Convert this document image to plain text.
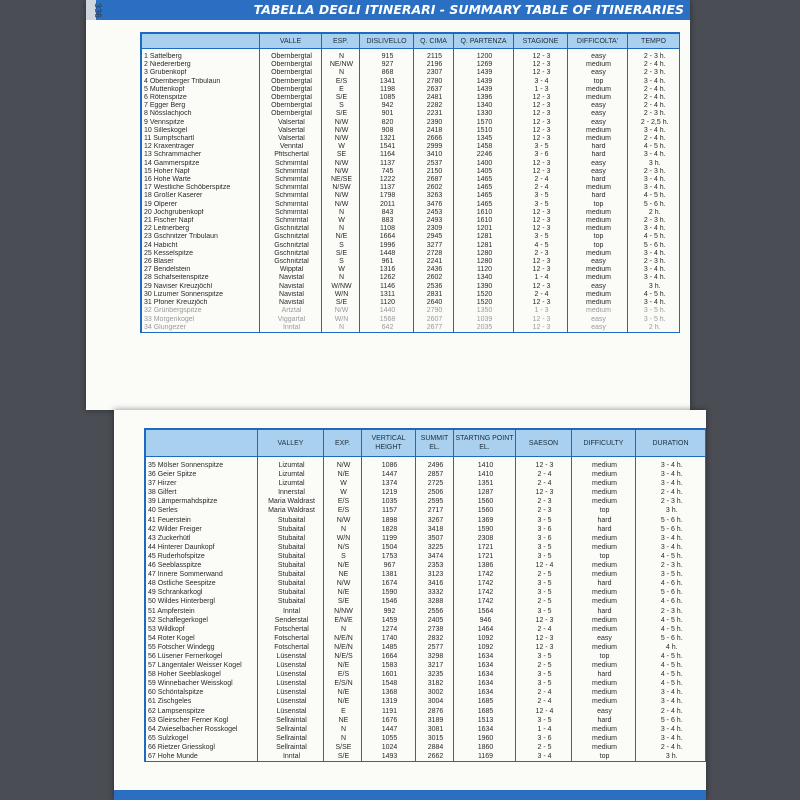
TABELLA DEGLI ITINERARI - SUMMARY TABLE OF ITINERARIES
	VALLE	ESP.	DISLIVELLO	Q. CIMA	Q. PARTENZA	STAGIONE	DIFFICOLTA'	TEMPO
1 Sattelberg	Obernbergtal	N	915	2115	1200	12 - 3	easy	2 - 3 h.
2 Niedererberg	Obernbergtal	NE/NW	927	2196	1269	12 - 3	medium	2 - 4 h.
3 Grubenkopf	Obernbergtal	N	868	2307	1439	12 - 3	easy	2 - 3 h.
4 Obernberger Tribulaun	Obernbergtal	E/S	1341	2780	1439	3 - 4	top	3 - 4 h.
5 Muttenkopf	Obernbergtal	E	1198	2637	1439	1 - 3	medium	2 - 4 h.
6 Rötenspitze	Obernbergtal	S/E	1085	2481	1396	12 - 3	medium	2 - 4 h.
7 Egger Berg	Obernbergtal	S	942	2282	1340	12 - 3	easy	2 - 4 h.
8 Nösslachjoch	Obernbergtal	S/E	901	2231	1330	12 - 3	easy	2 - 3 h.
9 Vennspitze	Valsertal	N/W	820	2390	1570	12 - 3	easy	2 - 2,5 h.
10 Silleskogel	Valsertal	N/W	908	2418	1510	12 - 3	medium	3 - 4 h.
11 Sumpfschartl	Valsertal	N/W	1321	2666	1345	12 - 3	medium	2 - 4 h.
12 Kraxentrager	Venntal	W	1541	2999	1458	3 - 5	hard	4 - 5 h.
13 Schrammacher	Pfitschertal	SE	1164	3410	2246	3 - 6	hard	3 - 4 h.
14 Gammerspitze	Schmirntal	N/W	1137	2537	1400	12 - 3	easy	3 h.
15 Hoher Napf	Schmirntal	N/W	745	2150	1405	12 - 3	easy	2 - 3 h.
16 Hohe Warte	Schmirntal	NE/SE	1222	2687	1465	2 - 4	hard	3 - 4 h.
17 Westliche Schöberspitze	Schmirntal	N/SW	1137	2602	1465	2 - 4	medium	3 - 4 h.
18 Großer Kaserer	Schmirntal	N/W	1798	3263	1465	3 - 5	hard	4 - 5 h.
19 Olperer	Schmirntal	N/W	2011	3476	1465	3 - 5	top	5 - 6 h.
20 Jochgrubenkopf	Schmirntal	N	843	2453	1610	12 - 3	medium	2 h.
21 Fischer Napf	Schmirntal	W	883	2493	1610	12 - 3	medium	2 - 3 h.
22 Leitnerberg	Gschnitztal	N	1108	2309	1201	12 - 3	medium	3 - 4 h.
23 Gschnitzer Tribulaun	Gschnitztal	N/E	1664	2945	1281	3 - 5	top	4 - 5 h.
24 Habicht	Gschnitztal	S	1996	3277	1281	4 - 5	top	5 - 6 h.
25 Kesselspitze	Gschnitztal	S/E	1448	2728	1280	2 - 3	medium	3 - 4 h.
26 Blaser	Gschnitztal	S	961	2241	1280	12 - 3	easy	2 - 3 h.
27 Bendelstein	Wipptal	W	1316	2436	1120	12 - 3	medium	3 - 4 h.
28 Schafseitenspitze	Navistal	N	1262	2602	1340	1 - 4	medium	3 - 4 h.
29 Naviser Kreuzjöchl	Navistal	W/NW	1146	2536	1390	12 - 3	easy	3 h.
30 Lizumer Sonnenspitze	Navistal	W/N	1311	2831	1520	2 - 4	medium	4 - 5 h.
31 Pfoner Kreuzjöch	Navistal	S/E	1120	2640	1520	12 - 3	medium	3 - 4 h.
32 Grünbergspitze	Artztal	N/W	1440	2790	1350	1 - 3	medium	3 - 5 h.
33 Morgenkogel	Viggartal	W/N	1568	2607	1039	12 - 3	easy	3 - 5 h.
34 Glungezer	Inntal	N	642	2677	2035	12 - 3	easy	2 h.
336
	VALLEY	EXP.	VERTICAL HEIGHT	SUMMIT EL.	STARTING POINT EL.	SAESON	DIFFICULTY	DURATION
35 Mölser Sonnenspitze	Lizumtal	N/W	1086	2496	1410	12 - 3	medium	3 - 4 h.
36 Geier Spitze	Lizumtal	N/E	1447	2857	1410	2 - 4	medium	3 - 4 h.
37 Hirzer	Lizumtal	W	1374	2725	1351	2 - 4	medium	3 - 4 h.
38 Gilfert	Innerstal	W	1219	2506	1287	12 - 3	medium	2 - 4 h.
39 Lämpermahdspitze	Maria Waldrast	E/S	1035	2595	1560	2 - 3	medium	2 - 3 h.
40 Serles	Maria Waldrast	E/S	1157	2717	1560	2 - 3	top	3 h.
41 Feuerstein	Stubaital	N/W	1898	3267	1369	3 - 5	hard	5 - 6 h.
42 Wilder Freiger	Stubaital	N	1828	3418	1590	3 - 6	hard	5 - 6 h.
43 Zuckerhütl	Stubaital	W/N	1199	3507	2308	3 - 6	medium	3 - 4 h.
44 Hinterer Daunkopf	Stubaital	N/S	1504	3225	1721	3 - 5	medium	3 - 4 h.
45 Ruderhofspitze	Stubaital	S	1753	3474	1721	3 - 5	top	4 - 5 h.
46 Seeblasspitze	Stubaital	N/E	967	2353	1386	12 - 4	medium	2 - 3 h.
47 Innere Sommerwand	Stubaital	NE	1381	3123	1742	2 - 5	medium	3 - 5 h.
48 Östliche Seespitze	Stubaital	N/W	1674	3416	1742	3 - 5	hard	4 - 6 h.
49 Schrankarkogl	Stubaital	N/E	1590	3332	1742	3 - 5	medium	5 - 6 h.
50 Wildes Hinterbergl	Stubaital	S/E	1546	3288	1742	2 - 5	medium	4 - 6 h.
51 Ampferstein	Inntal	N/NW	992	2556	1564	3 - 5	hard	2 - 3 h.
52 Schaflegerkogel	Senderstal	E/N/E	1459	2405	946	12 - 3	medium	4 - 5 h.
53 Wildkopf	Fotschertal	N	1274	2738	1464	2 - 4	medium	4 - 5 h.
54 Roter Kogel	Fotschertal	N/E/N	1740	2832	1092	12 - 3	easy	5 - 6 h.
55 Fotscher Windegg	Fotschertal	N/E/N	1485	2577	1092	12 - 3	medium	4 h.
56 Lüsener Fernerkogel	Lüsenstal	N/E/S	1664	3298	1634	3 - 5	top	4 - 5 h.
57 Längentaler Weisser Kogel	Lüsenstal	N/E	1583	3217	1634	2 - 5	medium	4 - 5 h.
58 Hoher Seeblaskogel	Lüsenstal	E/S	1601	3235	1634	3 - 5	hard	4 - 5 h.
59 Winnebacher Weisskogl	Lüsenstal	E/S/N	1548	3182	1634	3 - 5	medium	4 - 5 h.
60 Schöntalspitze	Lüsenstal	N/E	1368	3002	1634	2 - 4	medium	3 - 4 h.
61 Zischgeles	Lüsenstal	N/E	1319	3004	1685	2 - 4	medium	3 - 4 h.
62 Lampsenspitze	Lüsenstal	E	1191	2876	1685	12 - 4	easy	2 - 4 h.
63 Gleirscher Ferner Kogl	Sellraintal	NE	1676	3189	1513	3 - 5	hard	5 - 6 h.
64 Zwieselbacher Rosskogel	Sellraintal	N	1447	3081	1634	1 - 4	medium	3 - 4 h.
65 Sulzkogel	Sellraintal	N	1055	3015	1960	3 - 6	medium	3 - 4 h.
66 Rietzer Griesskogl	Sellraintal	S/SE	1024	2884	1860	2 - 5	medium	2 - 4 h.
67 Hohe Munde	Inntal	S/E	1493	2662	1169	3 - 4	top	3 h.
